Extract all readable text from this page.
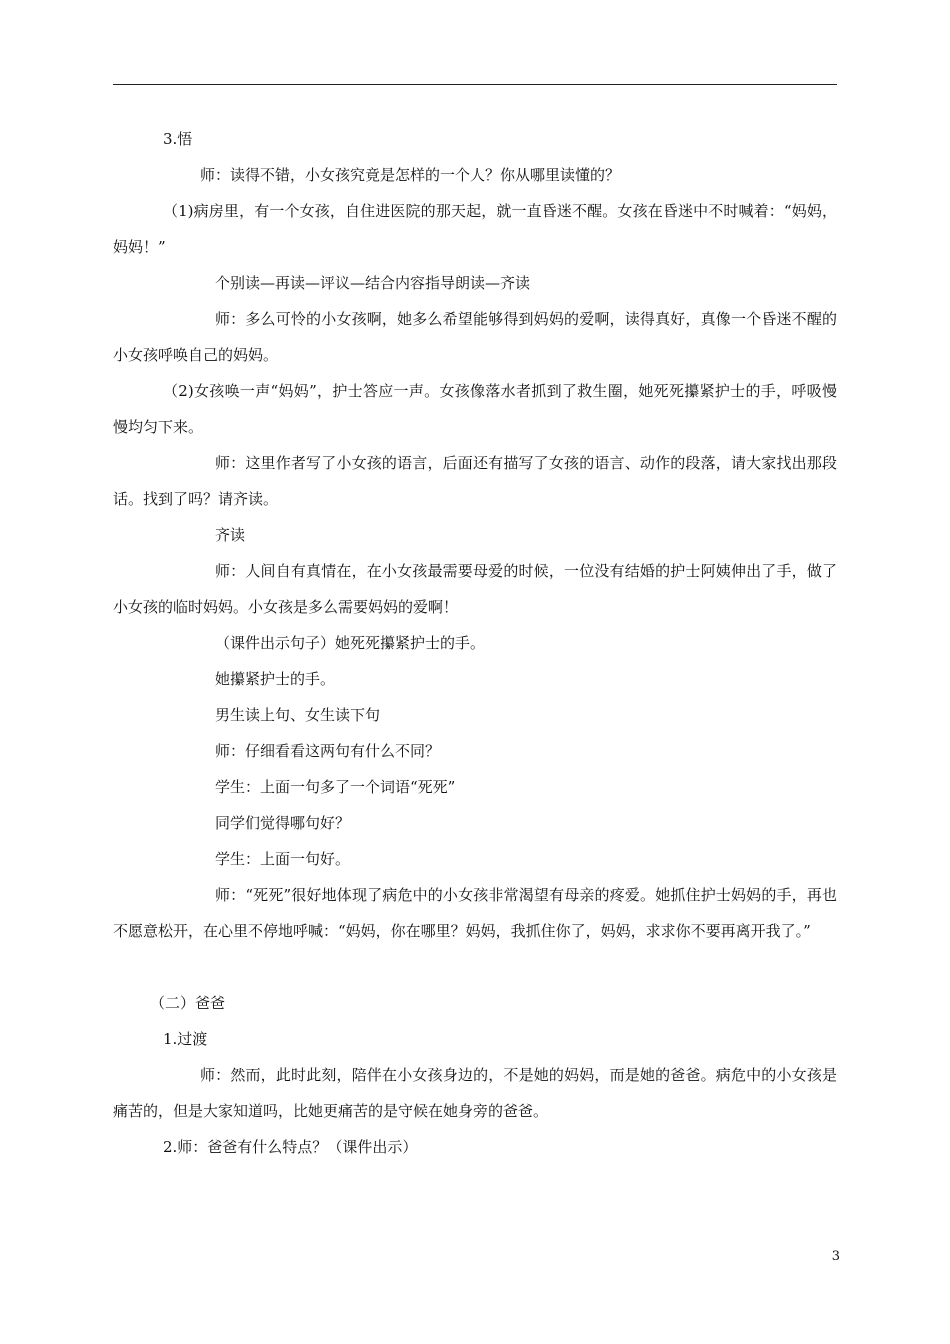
3.悟

师：读得不错，小女孩究竟是怎样的一个人？你从哪里读懂的？

（1)病房里，有一个女孩，自住进医院的那天起，就一直昏迷不醒。女孩在昏迷中不时喊着：“妈妈，妈妈！”

个别读—再读—评议—结合内容指导朗读—齐读

师：多么可怜的小女孩啊，她多么希望能够得到妈妈的爱啊，读得真好，真像一个昏迷不醒的小女孩呼唤自己的妈妈。

（2)女孩唤一声“妈妈”，护士答应一声。女孩像落水者抓到了救生圈，她死死攥紧护士的手，呼吸慢慢均匀下来。

师：这里作者写了小女孩的语言，后面还有描写了女孩的语言、动作的段落，请大家找出那段话。找到了吗？请齐读。

齐读

师：人间自有真情在，在小女孩最需要母爱的时候，一位没有结婚的护士阿姨伸出了手，做了小女孩的临时妈妈。小女孩是多么需要妈妈的爱啊！

（课件出示句子）她死死攥紧护士的手。

她攥紧护士的手。

男生读上句、女生读下句

师：仔细看看这两句有什么不同？

学生：上面一句多了一个词语“死死”

同学们觉得哪句好？

学生：上面一句好。

师：“死死”很好地体现了病危中的小女孩非常渴望有母亲的疼爱。她抓住护士妈妈的手，再也不愿意松开，在心里不停地呼喊：“妈妈，你在哪里？妈妈，我抓住你了，妈妈，求求你不要再离开我了。”

（二）爸爸

1.过渡

师：然而，此时此刻，陪伴在小女孩身边的，不是她的妈妈，而是她的爸爸。病危中的小女孩是痛苦的，但是大家知道吗，比她更痛苦的是守候在她身旁的爸爸。

2.师：爸爸有什么特点？（课件出示）

3
